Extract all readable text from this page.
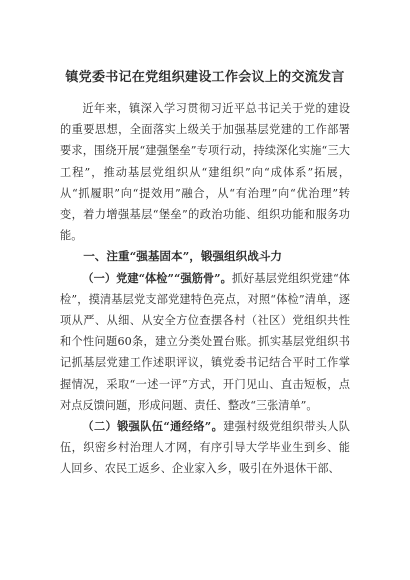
镇党委书记在党组织建设工作会议上的交流发言

近年来，镇深入学习贯彻习近平总书记关于党的建设的重要思想，全面落实上级关于加强基层党建的工作部署要求，围绕开展“建强堡垒”专项行动，持续深化实施“三大工程”，推动基层党组织从“建组织”向“成体系”拓展，从“抓履职”向“提效用”融合，从“有治理”向“优治理”转变，着力增强基层“堡垒”的政治功能、组织功能和服务功能。

一、注重“强基固本”，锻强组织战斗力

（一）党建“体检”“强筋骨”。抓好基层党组织党建“体检”，摸清基层党支部党建特色亮点，对照“体检”清单，逐项从严、从细、从安全方位查摆各村（社区）党组织共性和个性问题60条，建立分类处置台账。抓实基层党组织书记抓基层党建工作述职评议，镇党委书记结合平时工作掌握情况，采取“一述一评”方式，开门见山、直击短板，点对点反馈问题，形成问题、责任、整改“三张清单”。

（二）锻强队伍“通经络”。建强村级党组织带头人队伍，织密乡村治理人才网，有序引导大学毕业生到乡、能人回乡、农民工返乡、企业家入乡，吸引在外退休干部、
